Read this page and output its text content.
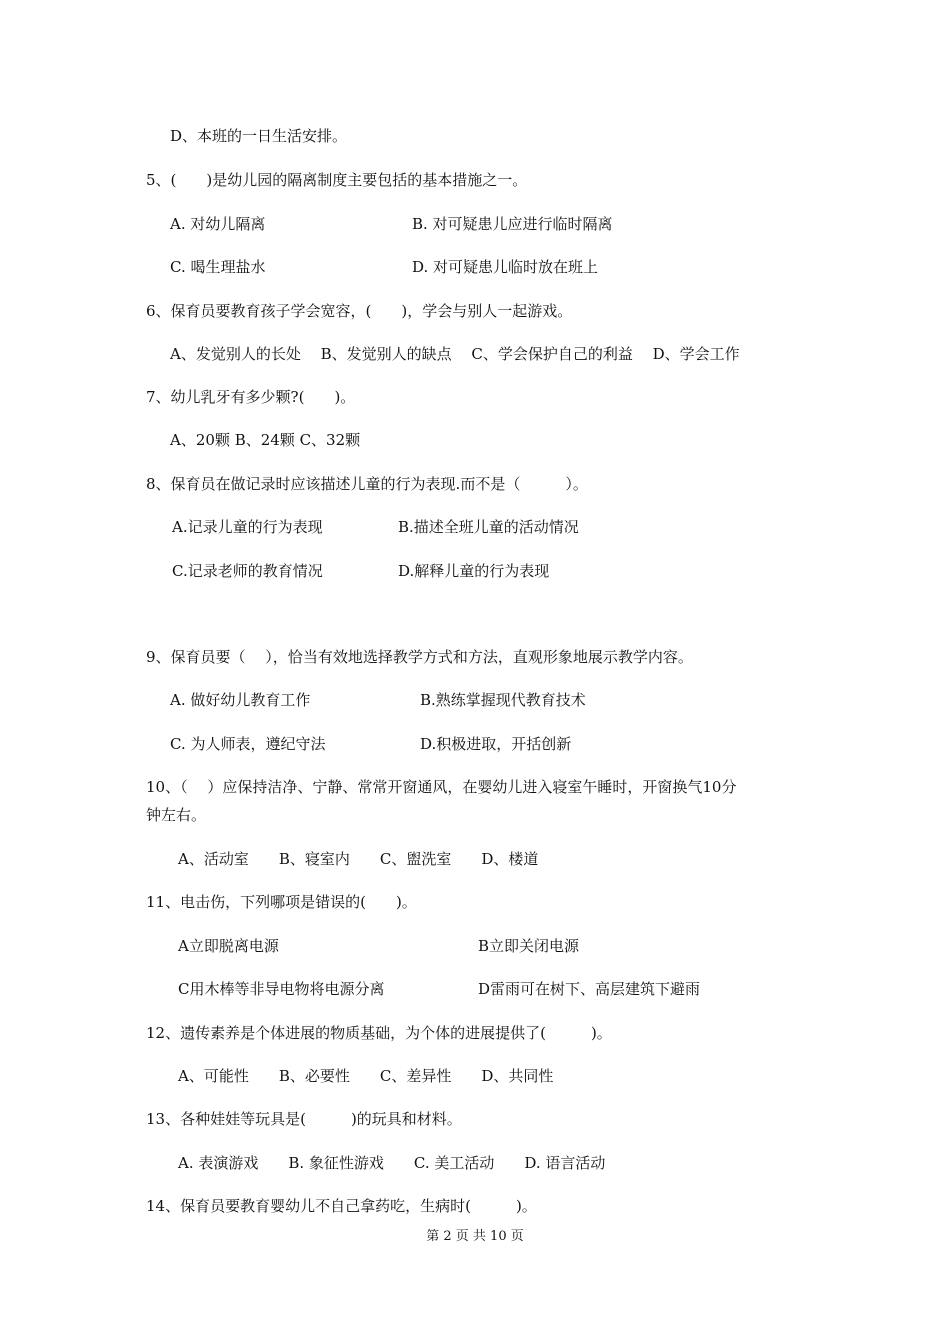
D、本班的一日生活安排。
5、(　　)是幼儿园的隔离制度主要包括的基本措施之一。
A. 对幼儿隔离	B. 对可疑患儿应进行临时隔离
C. 喝生理盐水	D. 对可疑患儿临时放在班上
6、保育员要教育孩子学会宽容，(　　)，学会与别人一起游戏。
A、发觉别人的长处　 B、发觉别人的缺点　 C、学会保护自己的利益　 D、学会工作
7、幼儿乳牙有多少颗?(　　)。
A、20颗 B、24颗 C、32颗
8、保育员在做记录时应该描述儿童的行为表现.而不是（　　　）。
A.记录儿童的行为表现	B.描述全班儿童的活动情况
C.记录老师的教育情况	D.解释儿童的行为表现
9、保育员要（　 ），恰当有效地选择教学方式和方法，直观形象地展示教学内容。
A. 做好幼儿教育工作	B.熟练掌握现代教育技术
C. 为人师表，遵纪守法	D.积极进取，开括创新
10、（　 ）应保持洁净、宁静、常常开窗通风，在婴幼儿进入寝室午睡时，开窗换气10分
钟左右。
A、活动室　　B、寝室内　　C、盥洗室　　D、楼道
11、电击伤，下列哪项是错误的(　　)。
A立即脱离电源	B立即关闭电源
C用木棒等非导电物将电源分离	D雷雨可在树下、高层建筑下避雨
12、遗传素养是个体进展的物质基础，为个体的进展提供了(　　　)。
A、可能性　　B、必要性　　C、差异性　　D、共同性
13、各种娃娃等玩具是(　　　)的玩具和材料。
A. 表演游戏　　B. 象征性游戏　　C. 美工活动　　D. 语言活动
14、保育员要教育婴幼儿不自己拿药吃，生病时(　　　)。
第 2 页 共 10 页
